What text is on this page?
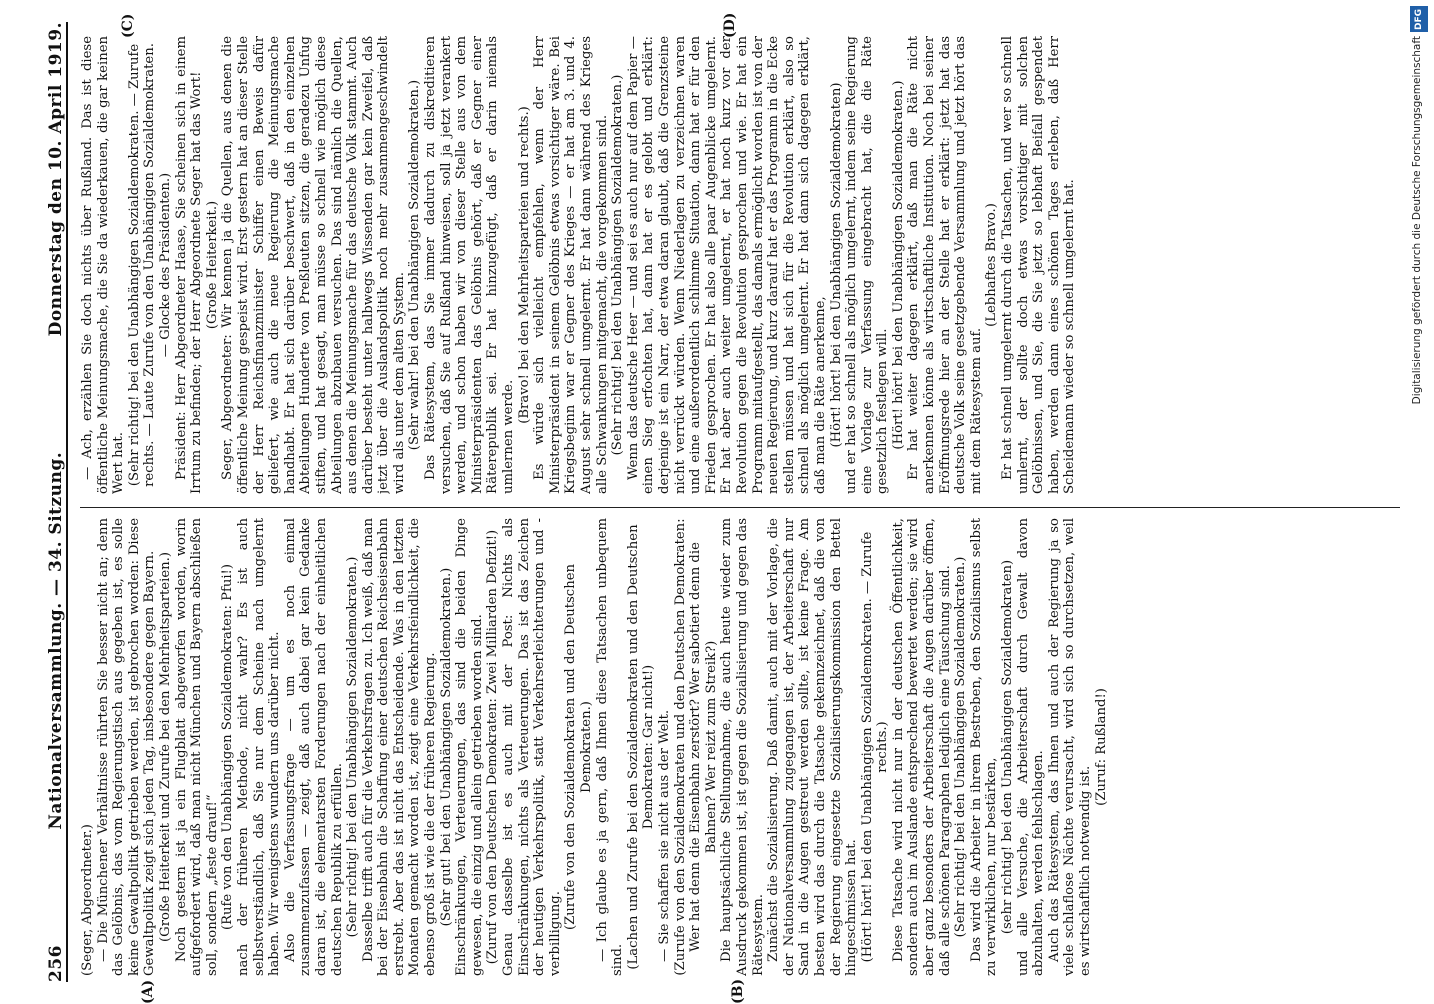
256
Nationalversammlung. — 34. Sitzung.
Donnerstag den 10. April 1919.
(A)	(B)
(C)	(D)

(Seger, Abgeordneter.) — Die Münchener Verhältnisse rührten Sie besser nicht an; denn das Gelöbnis, das vom Regierungstisch aus gegeben ist, es solle keine Gewaltpolitik getrieben werden, ist gebrochen worden: Diese Gewaltpolitik zeigt sich jeden Tag, insbesondere gegen Bayern. (Große Heiterkeit und Zurufe bei den Mehrheitsparteien.) Noch gestern ist ja ein Flugblatt abgeworfen worden, worin aufgefordert wird, daß man nicht München und Bayern abschließen soll, sondern „feste drauf!“ (Rufe von den Unabhängigen Sozialdemokraten: Pfui!) nach der früheren Methode, nicht wahr? Es ist auch selbstverständlich, daß Sie nur dem Scheine nach umgelernt haben. Wir wenigstens wundern uns darüber nicht. Also die Verfassungsfrage — um es noch einmal zusammenzufassen — zeigt, daß auch dabei gar kein Gedanke daran ist, die elementarsten Forderungen nach der einheitlichen deutschen Republik zu erfüllen. (Sehr richtig! bei den Unabhängigen Sozialdemokraten.) Dasselbe trifft auch für die Verkehrsfragen zu. Ich weiß, daß man bei der Eisenbahn die Schaffung einer deutschen Reichseisenbahn erstrebt. Aber das ist nicht das Entscheidende. Was in den letzten Monaten gemacht worden ist, zeigt eine Verkehrsfeindlichkeit, die ebenso groß ist wie die der früheren Regierung. (Sehr gut! bei den Unabhängigen Sozialdemokraten.) Einschränkungen, Verteuerungen, das sind die beiden Dinge gewesen, die einzig und allein getrieben worden sind. (Zuruf von den Deutschen Demokraten: Zwei Milliarden Defizit!) Genau dasselbe ist es auch mit der Post: Nichts als Einschränkungen, nichts als Verteuerungen. Das ist das Zeichen der heutigen Verkehrspolitik, statt Verkehrserleichterungen und -verbilligung.

(Zurufe von den Sozialdemokraten und den Deutschen Demokraten.) — Ich glaube es ja gern, daß Ihnen diese Tatsachen unbequem sind. (Lachen und Zurufe bei den Sozialdemokraten und den Deutschen Demokraten: Gar nicht!) — Sie schaffen sie nicht aus der Welt. (Zurufe von den Sozialdemokraten und den Deutschen Demokraten: Wer hat denn die Eisenbahn zerstört? Wer sabotiert denn die Bahnen? Wer reizt zum Streik?) Die hauptsächliche Stellungnahme, die auch heute wieder zum Ausdruck gekommen ist, ist gegen die Sozialisierung und gegen das Rätesystem. Zunächst die Sozialisierung. Daß damit, auch mit der Vorlage, die der Nationalversammlung zugegangen ist, der Arbeiterschaft nur Sand in die Augen gestreut werden sollte, ist keine Frage. Am besten wird das durch die Tatsache gekennzeichnet, daß die von der Regierung eingesetzte Sozialisierungskommission den Bettel hingeschmissen hat. (Hört! hört! bei den Unabhängigen Sozialdemokraten. — Zurufe rechts.) Diese Tatsache wird nicht nur in der deutschen Öffentlichkeit, sondern auch im Auslande entsprechend bewertet werden; sie wird aber ganz besonders der Arbeiterschaft die Augen darüber öffnen, daß alle schönen Paragraphen lediglich eine Täuschung sind. (Sehr richtig! bei den Unabhängigen Sozialdemokraten.) Das wird die Arbeiter in ihrem Bestreben, den Sozialismus selbst zu verwirklichen, nur bestärken, (sehr richtig! bei den Unabhängigen Sozialdemokraten) und alle Versuche, die Arbeiterschaft durch Gewalt davon abzuhalten, werden fehlschlagen. Auch das Rätesystem, das Ihnen und auch der Regierung ja so viele schlaflose Nächte verursacht, wird sich so durchsetzen, weil es wirtschaftlich notwendig ist.

(Zuruf: Rußland!)

— Ach, erzählen Sie doch nichts über Rußland. Das ist diese öffentliche Meinungsmache, die Sie da wiederkauen, die gar keinen Wert hat. (Sehr richtig! bei den Unabhängigen Sozialdemokraten. — Zurufe rechts. — Laute Zurufe von den Unabhängigen Sozialdemokraten. — Glocke des Präsidenten.) Präsident: Herr Abgeordneter Haase, Sie scheinen sich in einem Irrtum zu befinden; der Herr Abgeordnete Seger hat das Wort! (Große Heiterkeit.) Seger, Abgeordneter: Wir kennen ja die Quellen, aus denen die öffentliche Meinung gespeist wird. Erst gestern hat an dieser Stelle der Herr Reichsfinanzminister Schiffer einen Beweis dafür geliefert, wie auch die neue Regierung die Meinungsmache handhabt. Er hat sich darüber beschwert, daß in den einzelnen Abteilungen Hunderte von Preßleuten sitzen, die geradezu Unfug stiften, und hat gesagt, man müsse so schnell wie möglich diese Abteilungen abzubauen versuchen. Das sind nämlich die Quellen, aus denen die Meinungsmache für das deutsche Volk stammt. Auch darüber besteht unter halbwegs Wissenden gar kein Zweifel, daß jetzt über die Auslandspolitik noch mehr zusammengeschwindelt wird als unter dem alten System. (Sehr wahr! bei den Unabhängigen Sozialdemokraten.) Das Rätesystem, das Sie immer dadurch zu diskreditieren versuchen, daß Sie auf Rußland hinweisen, soll ja jetzt verankert werden, und schon haben wir von dieser Stelle aus von dem Ministerpräsidenten das Gelöbnis gehört, daß er Gegner einer Räterepublik sei. Er hat hinzugefügt, daß er darin niemals umlernen werde.

(Bravo! bei den Mehrheitsparteien und rechts.) Es würde sich vielleicht empfehlen, wenn der Herr Ministerpräsident in seinem Gelöbnis etwas vorsichtiger wäre. Bei Kriegsbeginn war er Gegner des Krieges — er hat am 3. und 4. August sehr schnell umgelernt. Er hat dann während des Krieges alle Schwankungen mitgemacht, die vorgekommen sind. (Sehr richtig! bei den Unabhängigen Sozialdemokraten.) Wenn das deutsche Heer — und sei es auch nur auf dem Papier — einen Sieg erfochten hat, dann hat er es gelobt und erklärt: derjenige ist ein Narr, der etwa daran glaubt, daß die Grenzsteine nicht verrückt würden. Wenn Niederlagen zu verzeichnen waren und eine außerordentlich schlimme Situation, dann hat er für den Frieden gesprochen. Er hat also alle paar Augenblicke umgelernt. Er hat aber auch weiter umgelernt, er hat noch kurz vor der Revolution gegen die Revolution gesprochen und wie. Er hat ein Programm mitaufgestellt, das damals ermöglicht worden ist von der neuen Regierung, und kurz darauf hat er das Programm in die Ecke stellen müssen und hat sich für die Revolution erklärt, also so schnell als möglich umgelernt. Er hat dann sich dagegen erklärt, daß man die Räte anerkenne, (Hört! hört! bei den Unabhängigen Sozialdemokraten) und er hat so schnell als möglich umgelernt, indem seine Regierung eine Vorlage zur Verfassung eingebracht hat, die die Räte gesetzlich festlegen will. (Hört! hört! bei den Unabhängigen Sozialdemokraten.) Er hat weiter dagegen erklärt, daß man die Räte nicht anerkennen könne als wirtschaftliche Institution. Noch bei seiner Eröffnungsrede hier an der Stelle hat er erklärt: jetzt hat das deutsche Volk seine gesetzgebende Versammlung und jetzt hört das mit dem Rätesystem auf.

(Lebhaftes Bravo.) Er hat schnell umgelernt durch die Tatsachen, und wer so schnell umlernt, der sollte doch etwas vorsichtiger mit solchen Gelöbnissen, und Sie, die Sie jetzt so lebhaft Beifall gespendet haben, werden dann eines schönen Tages erleben, daß Herr Scheidemann wieder so schnell umgelernt hat.

DFG
Digitalisierung gefördert durch die Deutsche Forschungsgemeinschaft
